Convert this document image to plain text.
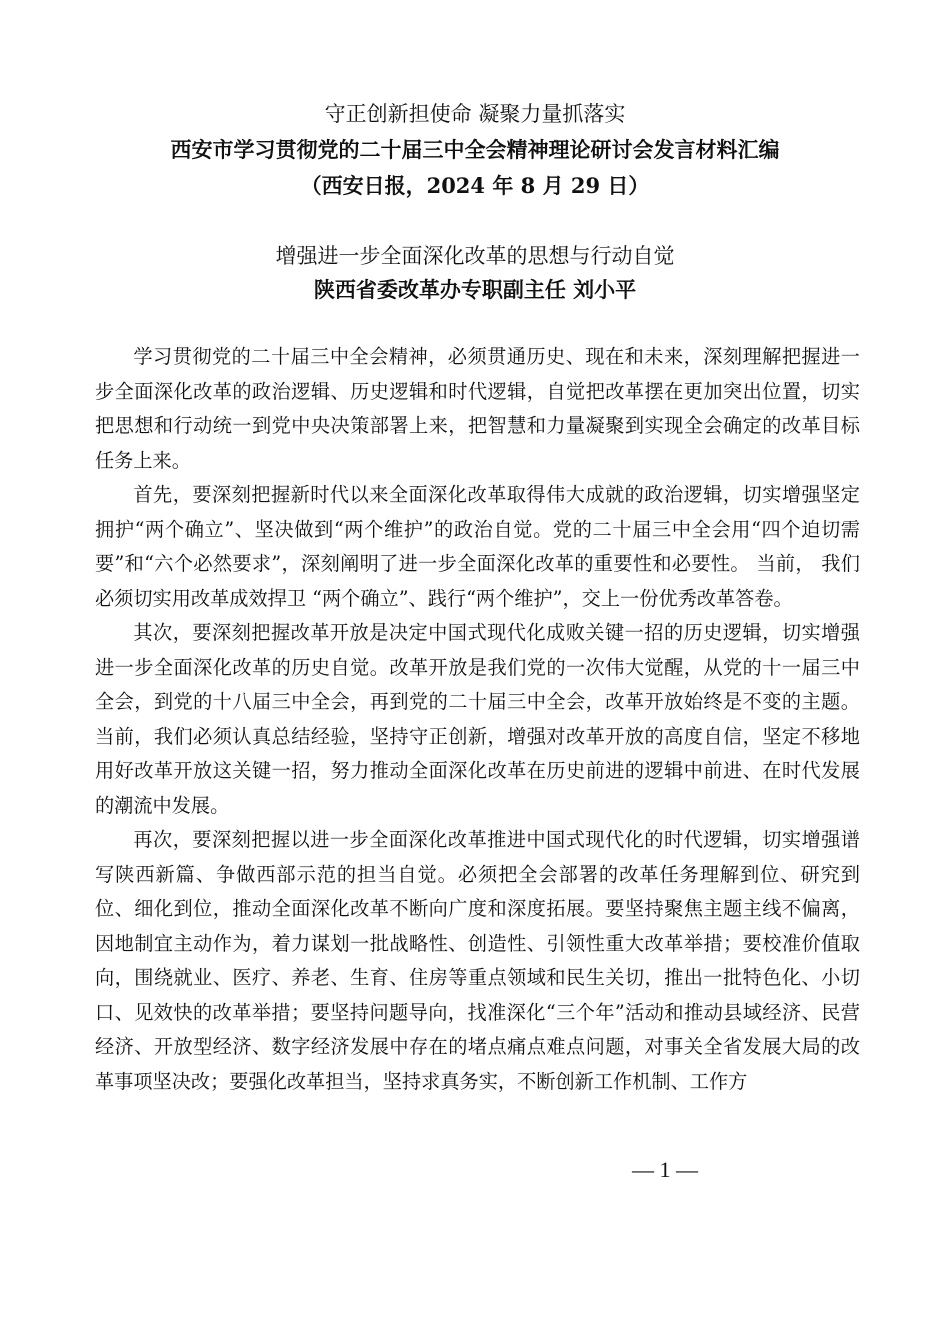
守正创新担使命 凝聚力量抓落实
西安市学习贯彻党的二十届三中全会精神理论研讨会发言材料汇编
（西安日报，2024 年 8 月 29 日）
增强进一步全面深化改革的思想与行动自觉
陕西省委改革办专职副主任 刘小平

学习贯彻党的二十届三中全会精神，必须贯通历史、现在和未来，深刻理解把握进一步全面深化改革的政治逻辑、历史逻辑和时代逻辑，自觉把改革摆在更加突出位置，切实把思想和行动统一到党中央决策部署上来，把智慧和力量凝聚到实现全会确定的改革目标任务上来。

首先，要深刻把握新时代以来全面深化改革取得伟大成就的政治逻辑，切实增强坚定拥护“两个确立”、坚决做到“两个维护”的政治自觉。党的二十届三中全会用“四个迫切需要”和“六个必然要求”，深刻阐明了进一步全面深化改革的重要性和必要性。 当前， 我们必须切实用改革成效捍卫 “两个确立”、践行“两个维护”，交上一份优秀改革答卷。

其次，要深刻把握改革开放是决定中国式现代化成败关键一招的历史逻辑，切实增强进一步全面深化改革的历史自觉。改革开放是我们党的一次伟大觉醒，从党的十一届三中全会，到党的十八届三中全会，再到党的二十届三中全会，改革开放始终是不变的主题。当前，我们必须认真总结经验，坚持守正创新，增强对改革开放的高度自信，坚定不移地用好改革开放这关键一招，努力推动全面深化改革在历史前进的逻辑中前进、在时代发展的潮流中发展。

再次，要深刻把握以进一步全面深化改革推进中国式现代化的时代逻辑，切实增强谱写陕西新篇、争做西部示范的担当自觉。必须把全会部署的改革任务理解到位、研究到位、细化到位，推动全面深化改革不断向广度和深度拓展。要坚持聚焦主题主线不偏离，因地制宜主动作为，着力谋划一批战略性、创造性、引领性重大改革举措；要校准价值取向，围绕就业、医疗、养老、生育、住房等重点领域和民生关切，推出一批特色化、小切口、见效快的改革举措；要坚持问题导向，找准深化“三个年”活动和推动县域经济、民营经济、开放型经济、数字经济发展中存在的堵点痛点难点问题，对事关全省发展大局的改革事项坚决改；要强化改革担当，坚持求真务实，不断创新工作机制、工作方

— 1 —
